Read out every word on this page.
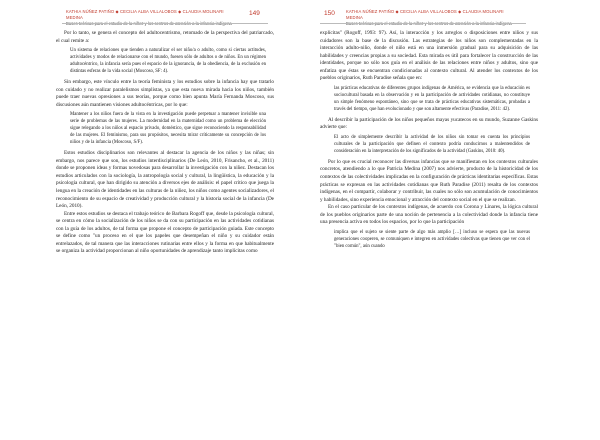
KATHIA NÚÑEZ PATIÑO ◆ CECILIA ALBA VILLALOBOS ◆ CLAUDIA MOLINARI MEDINA
Bases teóricas para el estudio de la niñez y los centros de atención a la infancia indígena
149

Por lo tanto, se genera el concepto del adultocentrismo, retomado de la perspectiva del patriarcado, el cual remite a:

Un sistema de relaciones que tienden a naturalizar el ser niño/a o adulto, como si ciertas actitudes, actividades y modos de relacionarse con el mundo, fuesen sólo de adultos o de niños. En un régimen adultocéntrico, la infancia sería pues el espacio de la ignorancia, de la obediencia, de la exclusión en distintas esferas de la vida social (Moscoso, SF: 4).

Sin embargo, este vínculo entre la teoría feminista y los estudios sobre la infancia hay que tratarlo con cuidado y no realizar paralelismos simplistas, ya que esta nueva mirada hacia los niños, también puede traer nuevas opresiones a sus teorías, porque como bien apunta María Fernanda Moscoso, sus discusiones aún mantienen visiones adultocéntricas, por lo que:

Mantener a los niños fuera de la vista en la investigación puede perpetuar a mantener invisible una serie de problemas de las mujeres. La modernidad en la maternidad como un problema de elección sigue relegando a los niños al espacio privado, doméstico, que sigue reconociendo la responsabilidad de las mujeres. El feminismo, para sus propósitos, necesita mirar críticamente su concepción de los niños y de la infancia (Moscoso, S/F).

Estos estudios disciplinarios son relevantes al destacar la agencia de los niños y las niñas; sin embargo, nos parece que son, los estudios interdisciplinarios (De León, 2010, Frisancho, et al., 2011) donde se proponen ideas y formas novedosas para desarrollar la investigación con la niñez. Destacan los estudios articulados con la sociología, la antropología social y cultural, la lingüística, la educación y la psicología cultural, que han dirigido su atención a diversos ejes de análisis: el papel crítico que juega la lengua en la creación de identidades en las culturas de la niñez, los niños como agentes socializadores, el reconocimiento de su espacio de creatividad y producción cultural y la historia social de la infancia (De León, 2010).

Entre estos estudios se destaca el trabajo teórico de Barbara Rogoff que, desde la psicología cultural, se centra en cómo la socialización de los niños se da con su participación en las actividades cotidianas con la guía de los adultos, de tal forma que propone el concepto de participación guiada. Este concepto se define como "un proceso en el que los papeles que desempeñan el niño y su cuidador están entrelazados, de tal manera que las interacciones rutinarias entre ellos y la forma en que habitualmente se organiza la actividad proporcionan al niño oportunidades de aprendizaje tanto implícitas como

KATHIA NÚÑEZ PATIÑO ◆ CECILIA ALBA VILLALOBOS ◆ CLAUDIA MOLINARI MEDINA
Bases teóricas para el estudio de la niñez y los centros de atención a la infancia indígena
150

explícitas" (Rogoff, 1993: 97). Así, la interacción y los arreglos o disposiciones entre niños y sus cuidadores son la base de la discusión. Las estrategias de los niños son complementadas en la interacción adulto-niño, donde el niño está en una inmersión gradual para su adquisición de las habilidades y creencias propias a su sociedad. Esta mirada es útil para fortalecer la construcción de las identidades, porque no sólo nos guía en el análisis de las relaciones entre niños y adultos, sino que enfatiza que éstas se encuentran condicionadas al contexto cultural. Al atender los contextos de los pueblos originarios, Ruth Paradise señala que en:

las prácticas educativas de diferentes grupos indígenas de América, se evidencia que la educación es sociocultural basada en la observación y en la participación de actividades cotidianas, no constituye un simple fenómeno espontáneo, sino que se trata de prácticas educativas sistemáticas, probadas a través del tiempo, que han evolucionado y que son altamente efectivas (Paradise, 2011: 42).

Al describir la participación de los niños pequeños mayas yucatecos en su mundo, Suzanne Gaskins advierte que:

El acto de simplemente describir la actividad de los niños sin tomar en cuenta los principios culturales de la participación que definen el contexto podría conducirnos a malentendidos de consideración en la interpretación de los significados de la actividad (Gaskins, 2010: 40).

Por lo que es crucial reconocer las diversas infancias que se manifiestan en los contextos culturales concretos, atendiendo a lo que Patricia Medina (2007) nos advierte, producto de la historicidad de los contextos de las colectividades implicadas en la configuración de prácticas identitarias específicas. Estas prácticas se expresan en las actividades cotidianas que Ruth Paradise (2011) resalta de los contextos indígenas, en el compartir, colaborar y contribuir, las cuales no sólo son acumulación de conocimientos y habilidades, sino experiencia emocional y atracción del contexto social en el que se realizan.

En el caso particular de los contextos indígenas, de acuerdo con Corona y Linares, la lógica cultural de los pueblos originarios parte de una noción de pertenencia a la colectividad donde la infancia tiene una presencia activa en todos los espacios, por lo que la participación

implica que el sujeto se siente parte de algo más amplio […] incluso se espera que las nuevas generaciones cooperen, se comuniquen e integren en actividades colectivas que tienen que ver con el "bien común", aún cuando
